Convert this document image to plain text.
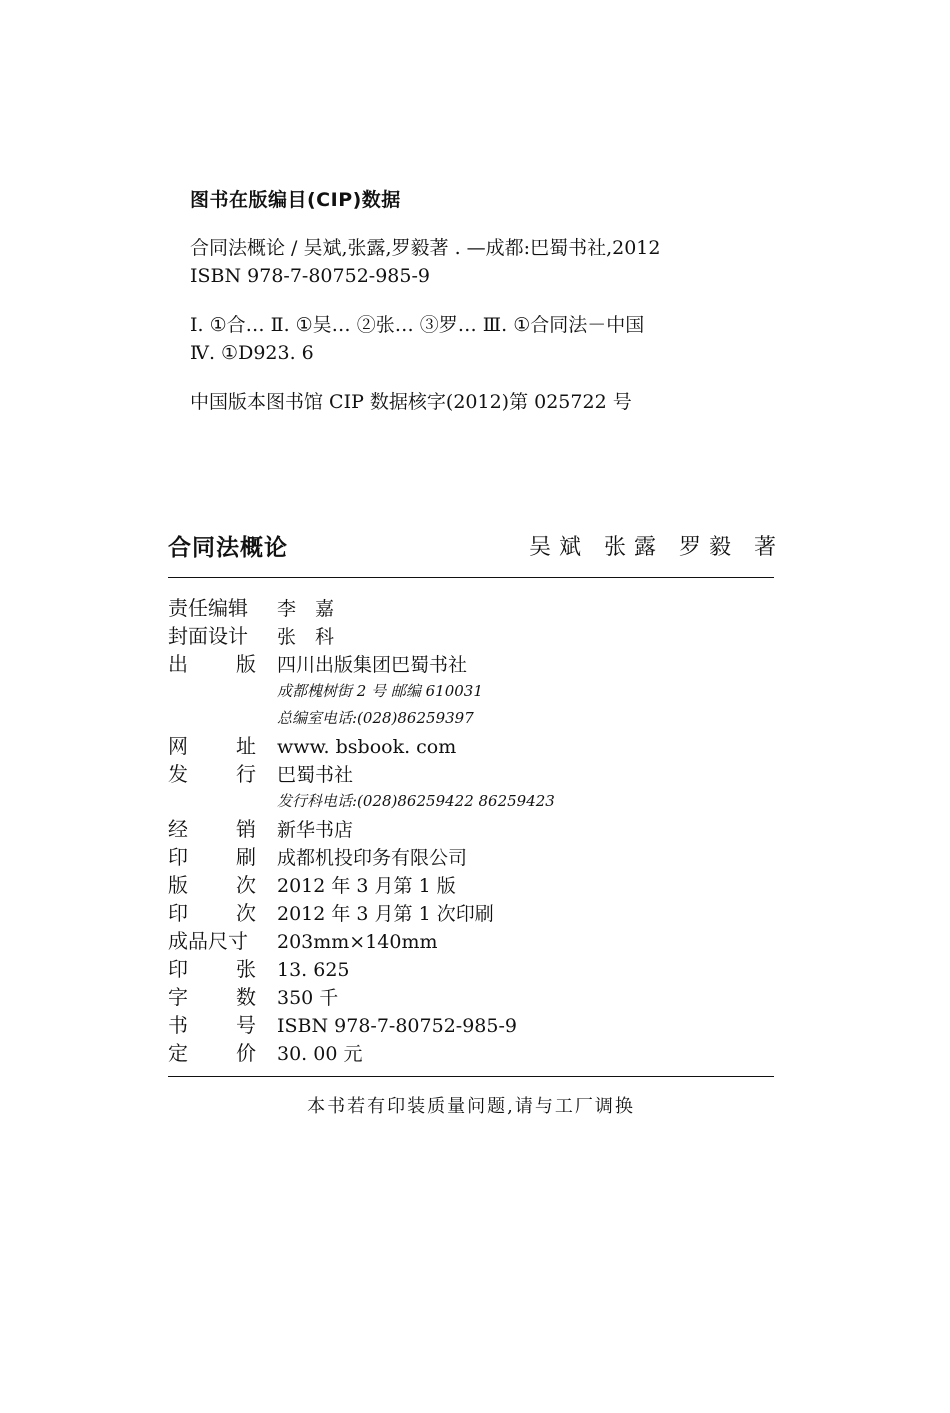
图书在版编目(CIP)数据
合同法概论 / 吴斌,张露,罗毅著 . —成都:巴蜀书社,2012
ISBN 978-7-80752-985-9
Ⅰ. ①合… Ⅱ. ①吴… ②张… ③罗… Ⅲ. ①合同法－中国
Ⅳ. ①D923. 6
中国版本图书馆 CIP 数据核字(2012)第 025722 号
合同法概论	吴斌 张露 罗毅 著
责任编辑 李　嘉
封面设计 张　科
出 版 四川出版集团巴蜀书社
成都槐树街 2 号 邮编 610031
总编室电话:(028)86259397
网 址 www. bsbook. com
发 行 巴蜀书社
发行科电话:(028)86259422 86259423
经 销 新华书店
印 刷 成都机投印务有限公司
版 次 2012 年 3 月第 1 版
印 次 2012 年 3 月第 1 次印刷
成品尺寸 203mm×140mm
印 张 13. 625
字 数 350 千
书 号 ISBN 978-7-80752-985-9
定 价 30. 00 元
本书若有印装质量问题,请与工厂调换
